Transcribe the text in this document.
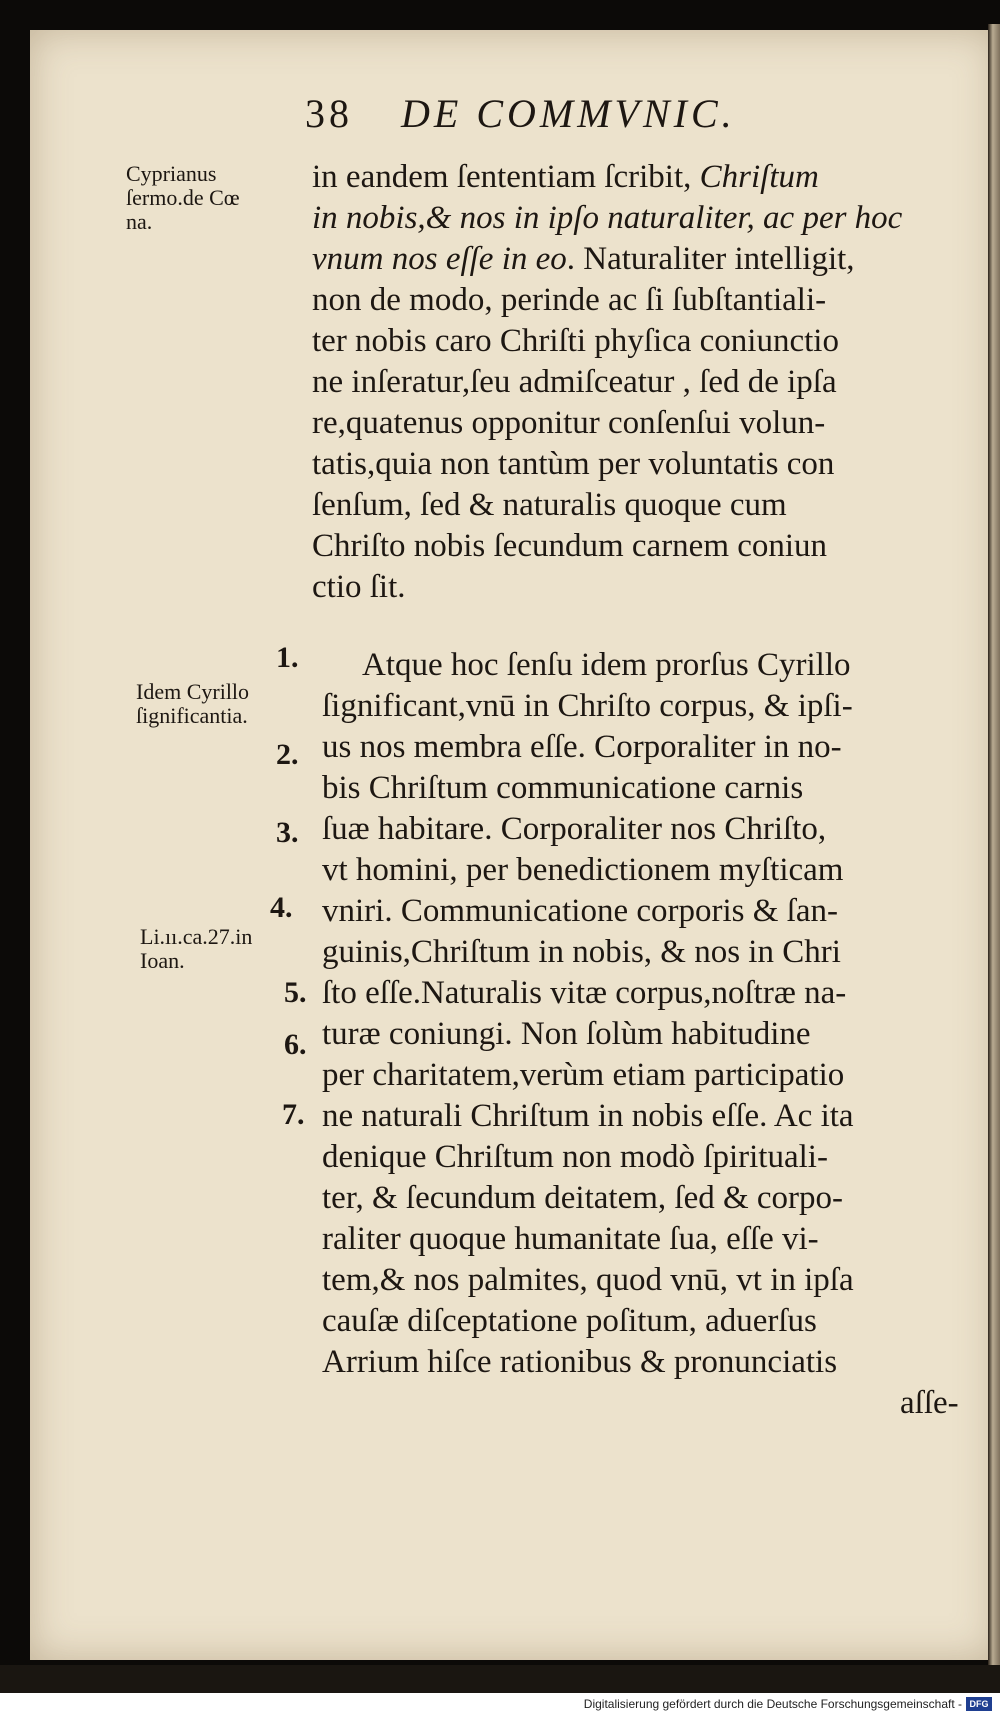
Digitalisierung gefördert durch die Deutsche Forschungsgemeinschaft - DFG
38 DE COMMVNIC.
Cyprianus
ſermo.de Cœ
na.
Idem Cyrillo
ſignificantia.
Li.ıı.ca.27.in
Ioan.
1.
2.
3.
4.
5.
6.
7.
in eandem ſententiam ſcribit, Chriſtum
in nobis,& nos in ipſo naturaliter, ac per hoc
vnum nos eſſe in eo. Naturaliter intelligit,
non de modo, perinde ac ſi ſubſtantiali-
ter nobis caro Chriſti phyſica coniunctio
ne inſeratur,ſeu admiſceatur , ſed de ipſa
re,quatenus opponitur conſenſui volun-
tatis,quia non tantùm per voluntatis con
ſenſum, ſed & naturalis quoque cum
Chriſto nobis ſecundum carnem coniun
ctio ſit.
Atque hoc ſenſu idem prorſus Cyrillo
ſignificant,vnū in Chriſto corpus, & ipſi-
us nos membra eſſe. Corporaliter in no-
bis Chriſtum communicatione carnis
ſuæ habitare. Corporaliter nos Chriſto,
vt homini, per benedictionem myſticam
vniri. Communicatione corporis & ſan-
guinis,Chriſtum in nobis, & nos in Chri
ſto eſſe.Naturalis vitæ corpus,noſtræ na-
turæ coniungi. Non ſolùm habitudine
per charitatem,verùm etiam participatio
ne naturali Chriſtum in nobis eſſe. Ac ita
denique Chriſtum non modò ſpirituali-
ter, & ſecundum deitatem, ſed & corpo-
raliter quoque humanitate ſua, eſſe vi-
tem,& nos palmites, quod vnū, vt in ipſa
cauſæ diſceptatione poſitum, aduerſus
Arrium hiſce rationibus & pronunciatis
aſſe-
